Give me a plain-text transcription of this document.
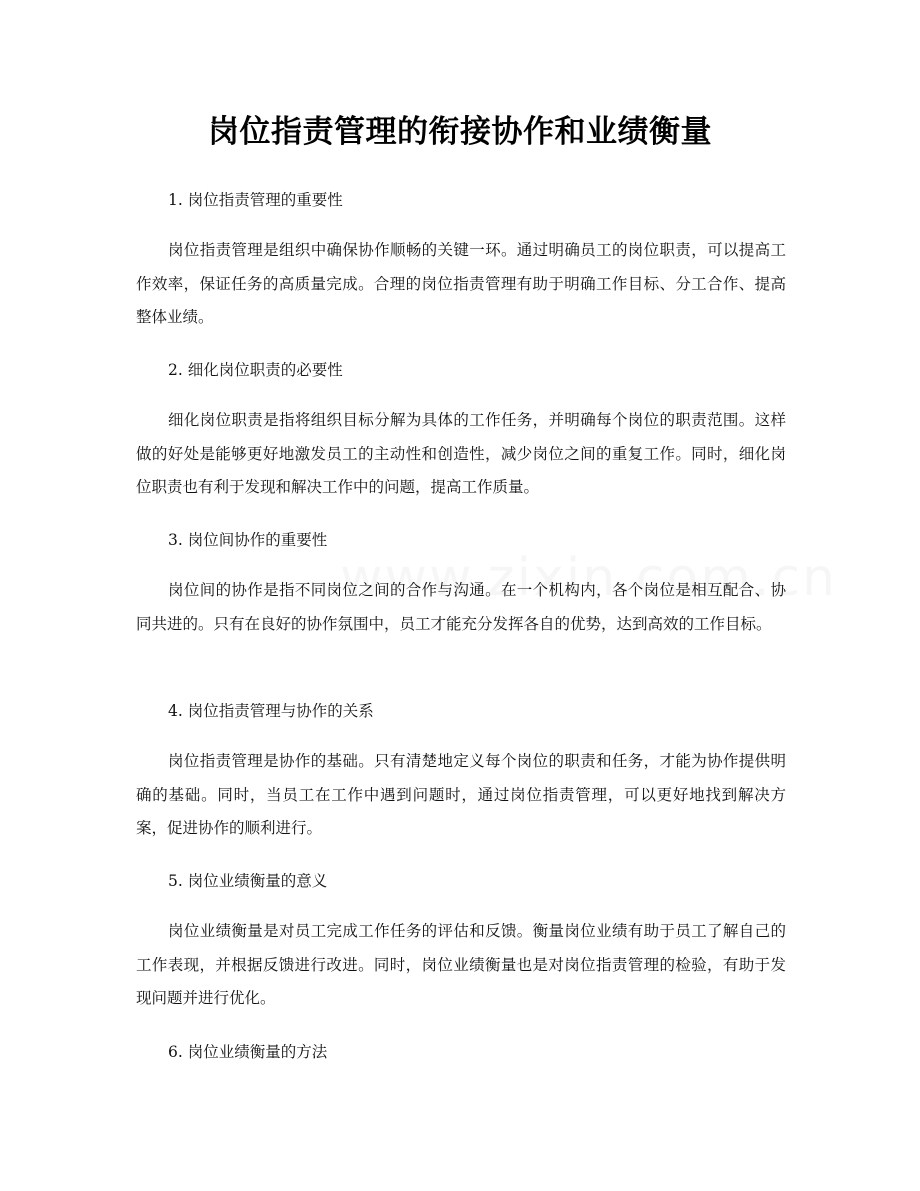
岗位指责管理的衔接协作和业绩衡量

1. 岗位指责管理的重要性

岗位指责管理是组织中确保协作顺畅的关键一环。通过明确员工的岗位职责，可以提高工作效率，保证任务的高质量完成。合理的岗位指责管理有助于明确工作目标、分工合作、提高整体业绩。

2. 细化岗位职责的必要性

细化岗位职责是指将组织目标分解为具体的工作任务，并明确每个岗位的职责范围。这样做的好处是能够更好地激发员工的主动性和创造性，减少岗位之间的重复工作。同时，细化岗位职责也有利于发现和解决工作中的问题，提高工作质量。

3. 岗位间协作的重要性

岗位间的协作是指不同岗位之间的合作与沟通。在一个机构内，各个岗位是相互配合、协同共进的。只有在良好的协作氛围中，员工才能充分发挥各自的优势，达到高效的工作目标。

4. 岗位指责管理与协作的关系

岗位指责管理是协作的基础。只有清楚地定义每个岗位的职责和任务，才能为协作提供明确的基础。同时，当员工在工作中遇到问题时，通过岗位指责管理，可以更好地找到解决方案，促进协作的顺利进行。

5. 岗位业绩衡量的意义

岗位业绩衡量是对员工完成工作任务的评估和反馈。衡量岗位业绩有助于员工了解自己的工作表现，并根据反馈进行改进。同时，岗位业绩衡量也是对岗位指责管理的检验，有助于发现问题并进行优化。

6. 岗位业绩衡量的方法
